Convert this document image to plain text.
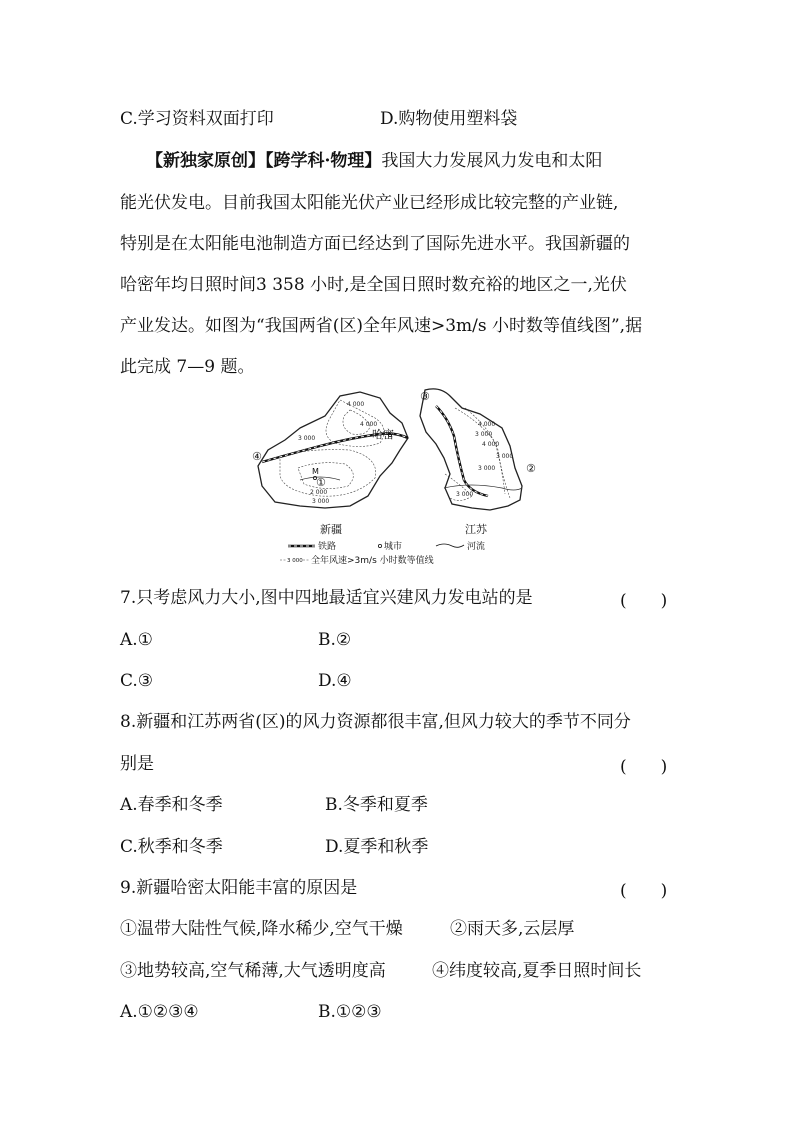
C.学习资料双面打印	D.购物使用塑料袋
【新独家原创】【跨学科·物理】我国大力发展风力发电和太阳
能光伏发电。目前我国太阳能光伏产业已经形成比较完整的产业链,
特别是在太阳能电池制造方面已经达到了国际先进水平。我国新疆的
哈密年均日照时间3 358 小时,是全国日照时数充裕的地区之一,光伏
产业发达。如图为“我国两省(区)全年风速>3m/s 小时数等值线图”,据
此完成 7—9 题。
4 000
4 000
3 000
2 000
3 000
4 000
3 000
4 000
3 000
3 000
3 000
哈密
M
①
②
③
④
新疆	江苏
铁路	城市	河流
3 000 全年风速>3m/s 小时数等值线
7.只考虑风力大小,图中四地最适宜兴建风力发电站的是	(　　)
A.①	B.②
C.③	D.④
8.新疆和江苏两省(区)的风力资源都很丰富,但风力较大的季节不同分
别是	(　　)
A.春季和冬季	B.冬季和夏季
C.秋季和冬季	D.夏季和秋季
9.新疆哈密太阳能丰富的原因是	(　　)
①温带大陆性气候,降水稀少,空气干燥	②雨天多,云层厚
③地势较高,空气稀薄,大气透明度高	④纬度较高,夏季日照时间长
A.①②③④	B.①②③
